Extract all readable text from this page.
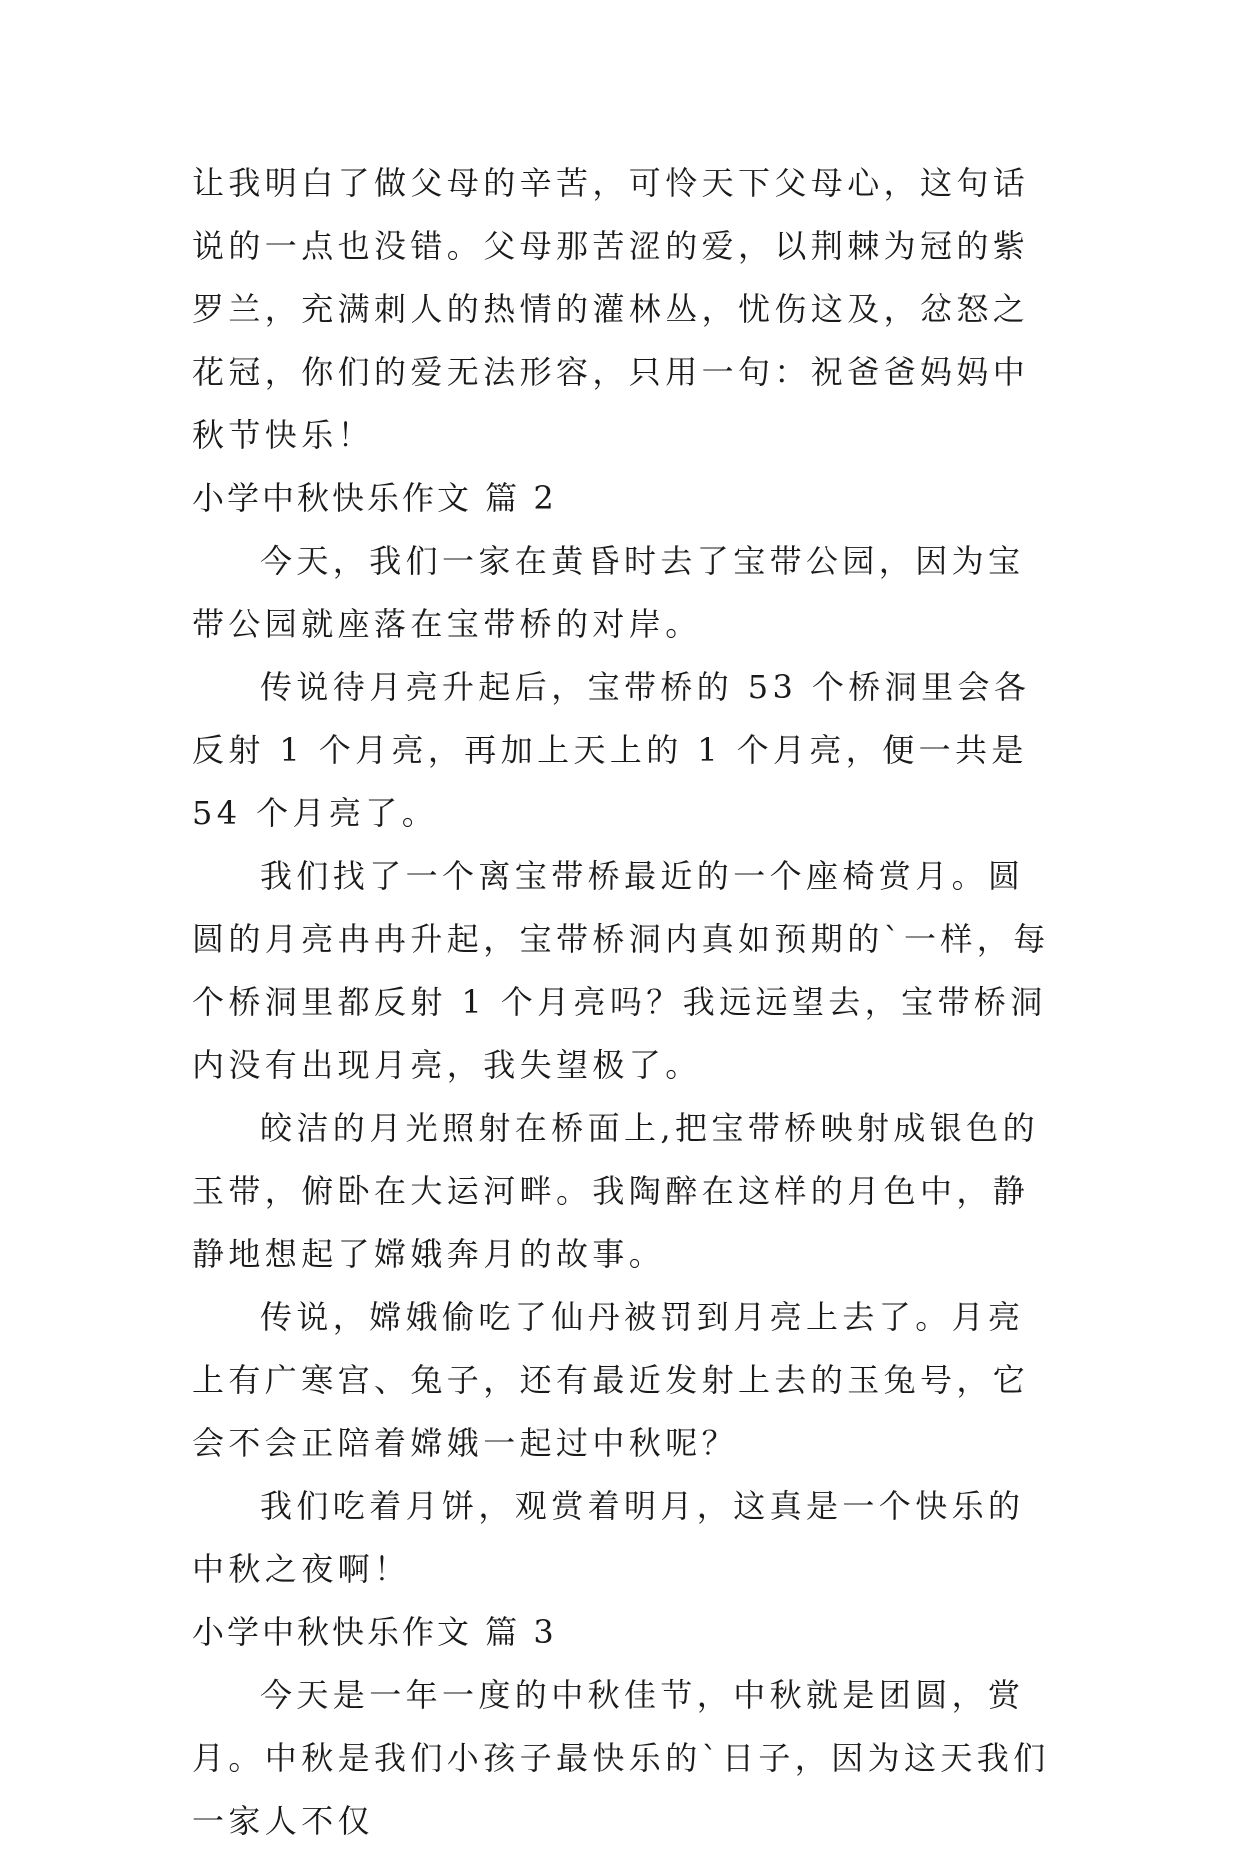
让我明白了做父母的辛苦，可怜天下父母心，这句话说的一点也没错。父母那苦涩的爱，以荆棘为冠的紫罗兰，充满刺人的热情的灌林丛，忧伤这及，忿怒之花冠，你们的爱无法形容，只用一句：祝爸爸妈妈中秋节快乐！

小学中秋快乐作文 篇 2

今天，我们一家在黄昏时去了宝带公园，因为宝带公园就座落在宝带桥的对岸。

传说待月亮升起后，宝带桥的 53 个桥洞里会各反射 1 个月亮，再加上天上的 1 个月亮，便一共是 54 个月亮了。

我们找了一个离宝带桥最近的一个座椅赏月。圆圆的月亮冉冉升起，宝带桥洞内真如预期的`一样，每个桥洞里都反射 1 个月亮吗？我远远望去，宝带桥洞内没有出现月亮，我失望极了。

皎洁的月光照射在桥面上,把宝带桥映射成银色的玉带，俯卧在大运河畔。我陶醉在这样的月色中，静静地想起了嫦娥奔月的故事。

传说，嫦娥偷吃了仙丹被罚到月亮上去了。月亮上有广寒宫、兔子，还有最近发射上去的玉兔号，它会不会正陪着嫦娥一起过中秋呢？

我们吃着月饼，观赏着明月，这真是一个快乐的中秋之夜啊！

小学中秋快乐作文 篇 3

今天是一年一度的中秋佳节，中秋就是团圆，赏月。中秋是我们小孩子最快乐的`日子，因为这天我们一家人不仅
